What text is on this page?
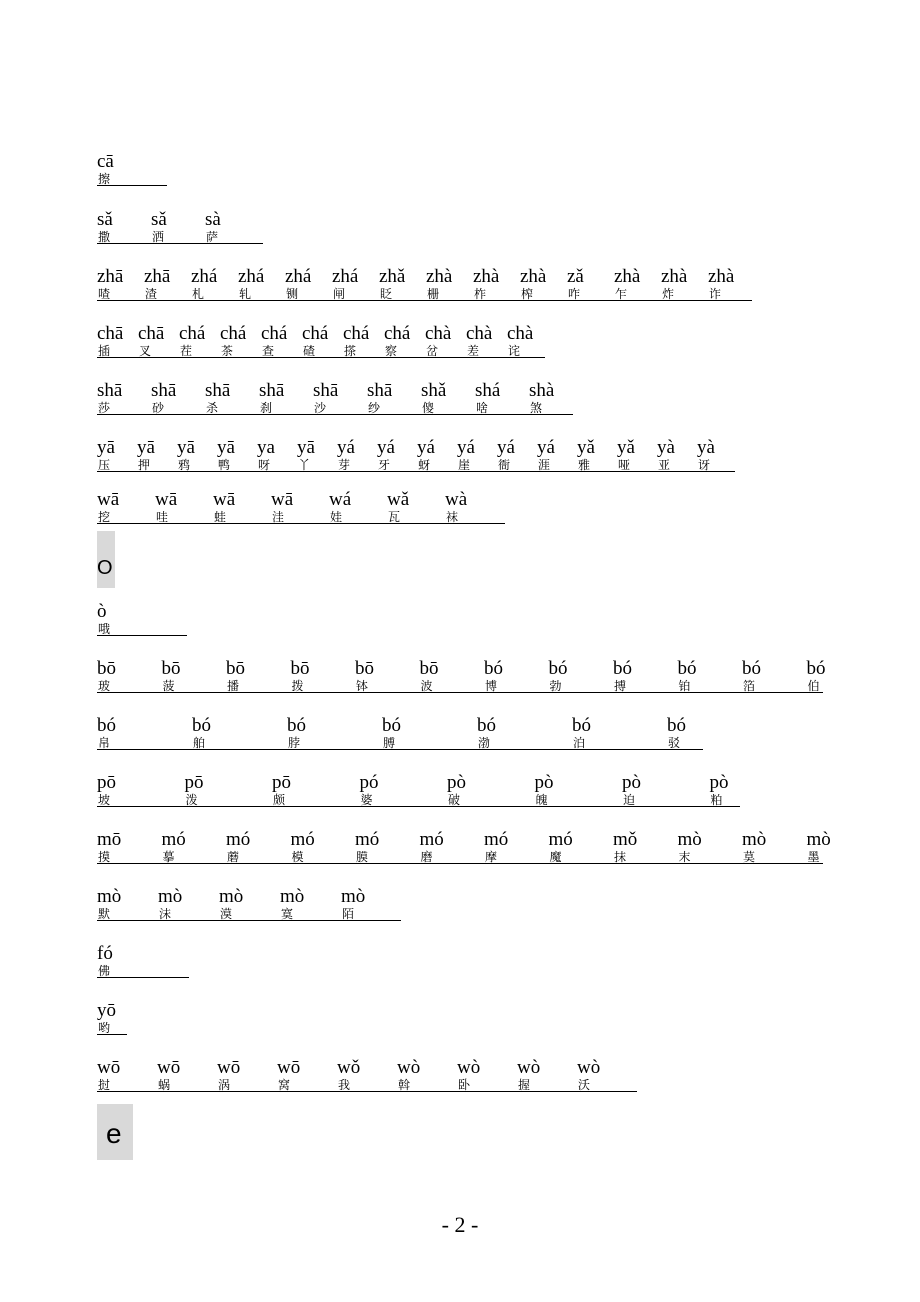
cā
擦
sǎ
撒
sǎ
洒
sà
萨
zhā
喳
zhā
渣
zhá
札
zhá
轧
zhá
铡
zhá
闸
zhǎ
眨
zhà
栅
zhà
柞
zhà
榨
zǎ
咋
zhà
乍
zhà
炸
zhà
诈
chā
插
chā
叉
chá
茬
chá
茶
chá
查
chá
碴
chá
搽
chá
察
chà
岔
chà
差
chà
诧
shā
莎
shā
砂
shā
杀
shā
刹
shā
沙
shā
纱
shǎ
傻
shá
啥
shà
煞
yā
压
yā
押
yā
鸦
yā
鸭
ya
呀
yā
丫
yá
芽
yá
牙
yá
蚜
yá
崖
yá
衙
yá
涯
yǎ
雅
yǎ
哑
yà
亚
yà
讶
wā
挖
wā
哇
wā
蛙
wā
洼
wá
娃
wǎ
瓦
wà
袜
ò
哦
bō
玻
bō
菠
bō
播
bō
拨
bō
钵
bō
波
bó
博
bó
勃
bó
搏
bó
铂
bó
箔
bó
伯
bó
帛
bó
舶
bó
脖
bó
膊
bó
渤
bó
泊
bó
驳
pō
坡
pō
泼
pō
颇
pó
婆
pò
破
pò
魄
pò
迫
pò
粕
mō
摸
mó
摹
mó
蘑
mó
模
mó
膜
mó
磨
mó
摩
mó
魔
mǒ
抹
mò
末
mò
莫
mò
墨
mò
默
mò
沫
mò
漠
mò
寞
mò
陌
fó
佛
yō
哟
wō
挝
wō
蜗
wō
涡
wō
窝
wǒ
我
wò
斡
wò
卧
wò
握
wò
沃
O
e
- 2 -
